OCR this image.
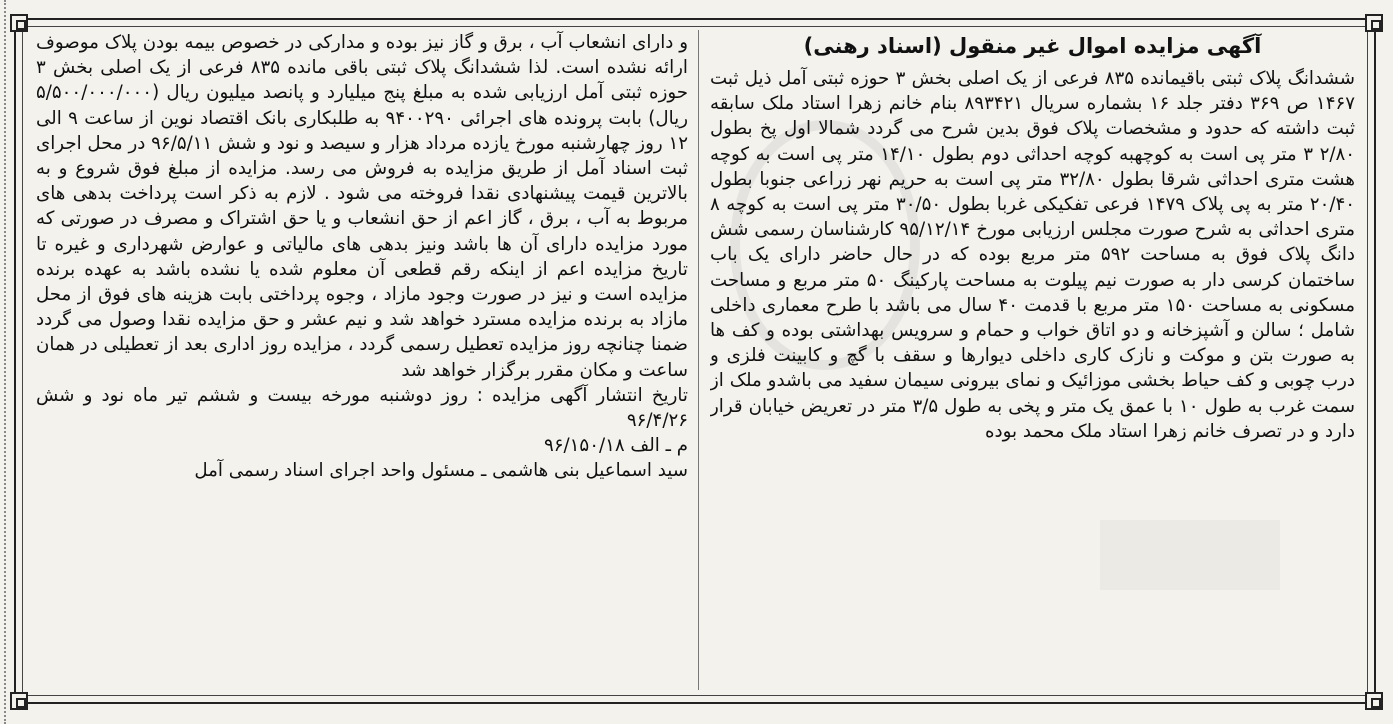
آگهی مزایده اموال غیر منقول (اسناد رهنی)
ششدانگ پلاک ثبتی باقیمانده ۸۳۵ فرعی از یک اصلی بخش ۳ حوزه ثبتی آمل ذیل ثبت ۱۴۶۷ ص ۳۶۹ دفتر جلد ۱۶ بشماره سریال ۸۹۳۴۲۱ بنام خانم زهرا استاد ملک سابقه ثبت داشته که حدود و مشخصات پلاک فوق بدین شرح می گردد شمالا اول پخ بطول ۲/۸۰ ۳ متر پی است به کوچهبه کوچه احداثی دوم بطول ۱۴/۱۰ متر پی است به کوچه هشت متری احداثی شرقا بطول ۳۲/۸۰ متر پی است به حریم نهر زراعی جنوبا بطول ۲۰/۴۰ متر به پی پلاک ۱۴۷۹ فرعی تفکیکی غربا بطول ۳۰/۵۰ متر پی است به کوچه ۸ متری احداثی به شرح صورت مجلس ارزیابی مورخ ۹۵/۱۲/۱۴ کارشناسان رسمی شش دانگ پلاک فوق به مساحت ۵۹۲ متر مربع بوده که در حال حاضر دارای یک باب ساختمان کرسی دار به صورت نیم پیلوت به مساحت پارکینگ ۵۰ متر مربع و مساحت مسکونی به مساحت ۱۵۰ متر مربع با قدمت ۴۰ سال می باشد با طرح معماری داخلی شامل ؛ سالن و آشپزخانه و دو اتاق خواب و حمام و سرویس بهداشتی بوده و کف ها به صورت بتن و موکت و نازک کاری داخلی دیوارها و سقف با گچ و کابینت فلزی و درب چوبی و کف حیاط بخشی موزائیک و نمای بیرونی سیمان سفید می باشدو ملک از سمت غرب به طول ۱۰ با عمق یک متر و پخی به طول ۳/۵ متر در تعریض خیابان قرار دارد و در تصرف خانم زهرا استاد ملک محمد بوده
و دارای انشعاب آب ، برق و گاز نیز بوده و مدارکی در خصوص بیمه بودن پلاک موصوف ارائه نشده است. لذا ششدانگ پلاک ثبتی باقی مانده ۸۳۵ فرعی از یک اصلی بخش ۳ حوزه ثبتی آمل ارزیابی شده به مبلغ پنج میلیارد و پانصد میلیون ریال (۵/۵۰۰/۰۰۰/۰۰۰ ریال) بابت پرونده های اجرائی ۹۴۰۰۲۹۰ به طلبکاری بانک اقتصاد نوین از ساعت ۹ الی ۱۲ روز چهارشنبه مورخ یازده مرداد هزار و سیصد و نود و شش ۹۶/۵/۱۱ در محل اجرای ثبت اسناد آمل از طریق مزایده به فروش می رسد. مزایده از مبلغ فوق شروع و به بالاترین قیمت پیشنهادی نقدا فروخته می شود . لازم به ذکر است پرداخت بدهی های مربوط به آب ، برق ، گاز اعم از حق انشعاب و یا حق اشتراک و مصرف در صورتی که مورد مزایده دارای آن ها باشد ونیز بدهی های مالیاتی و عوارض شهرداری و غیره تا تاریخ مزایده اعم از اینکه رقم قطعی آن معلوم شده یا نشده باشد به عهده برنده مزایده است و نیز در صورت وجود مازاد ، وجوه پرداختی بابت هزینه های فوق از محل مازاد به برنده مزایده مسترد خواهد شد و نیم عشر و حق مزایده نقدا وصول می گردد ضمنا چنانچه روز مزایده تعطیل رسمی گردد ، مزایده روز اداری بعد از تعطیلی در همان ساعت و مکان مقرر برگزار خواهد شد
تاریخ انتشار آگهی مزایده : روز دوشنبه مورخه بیست و ششم تیر ماه نود و شش ۹۶/۴/۲۶
م ـ الف ۹۶/۱۵۰/۱۸
سید اسماعیل بنی هاشمی ـ مسئول واحد اجرای اسناد رسمی آمل
